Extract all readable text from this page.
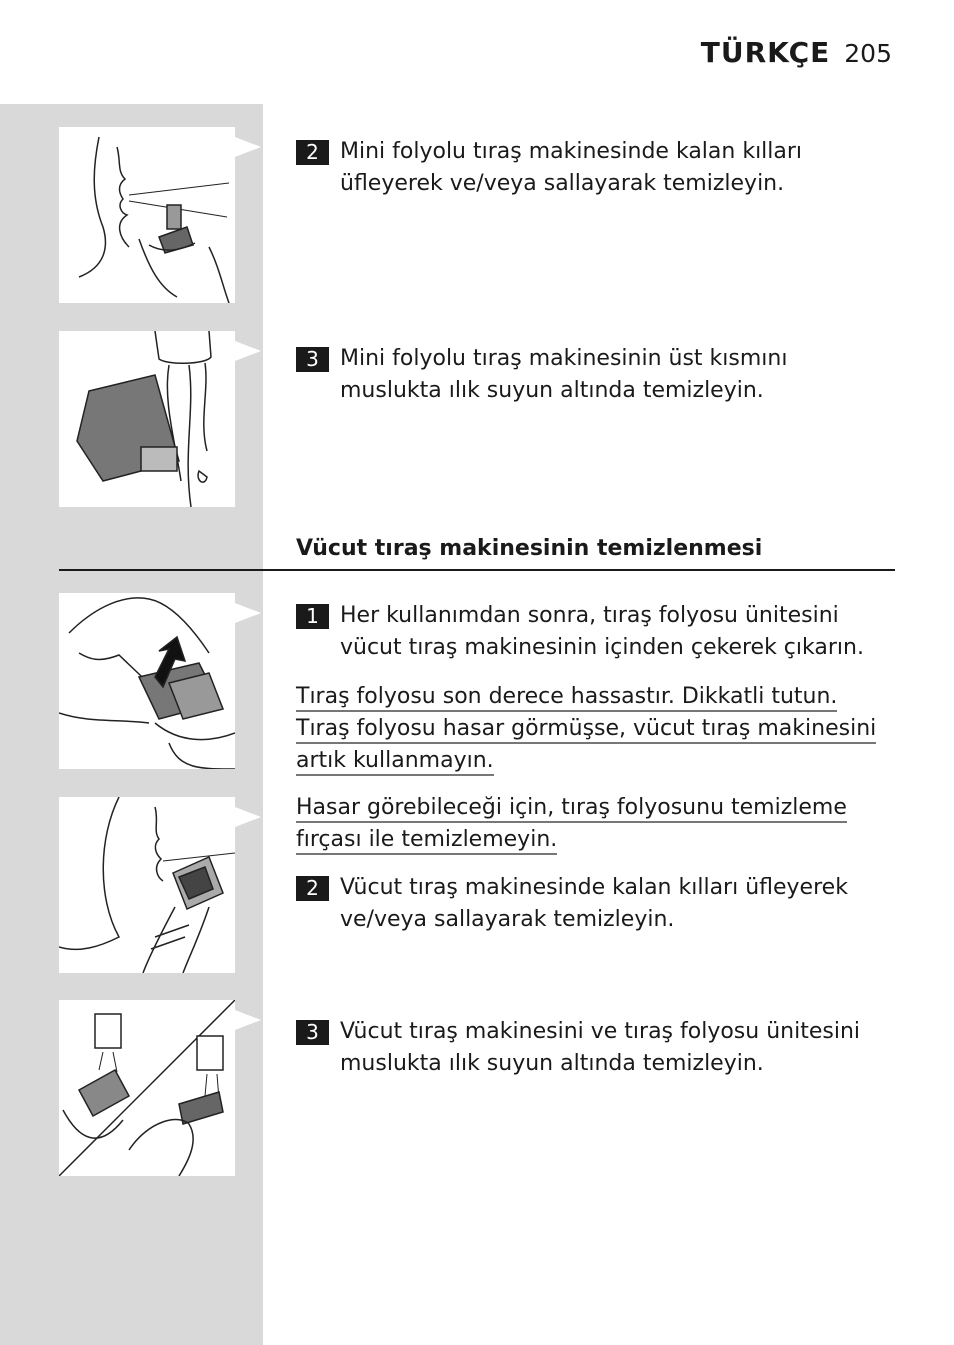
TÜRKÇE 205
2 Mini folyolu tıraş makinesinde kalan kılları üfleyerek ve/veya sallayarak temizleyin.
3 Mini folyolu tıraş makinesinin üst kısmını muslukta ılık suyun altında temizleyin.
Vücut tıraş makinesinin temizlenmesi
1 Her kullanımdan sonra, tıraş folyosu ünitesini vücut tıraş makinesinin içinden çekerek çıkarın.
Tıraş folyosu son derece hassastır. Dikkatli tutun. Tıraş folyosu hasar görmüşse, vücut tıraş makinesini artık kullanmayın.
Hasar görebileceği için, tıraş folyosunu temizleme fırçası ile temizlemeyin.
2 Vücut tıraş makinesinde kalan kılları üfleyerek ve/veya sallayarak temizleyin.
3 Vücut tıraş makinesini ve tıraş folyosu ünitesini muslukta ılık suyun altında temizleyin.
